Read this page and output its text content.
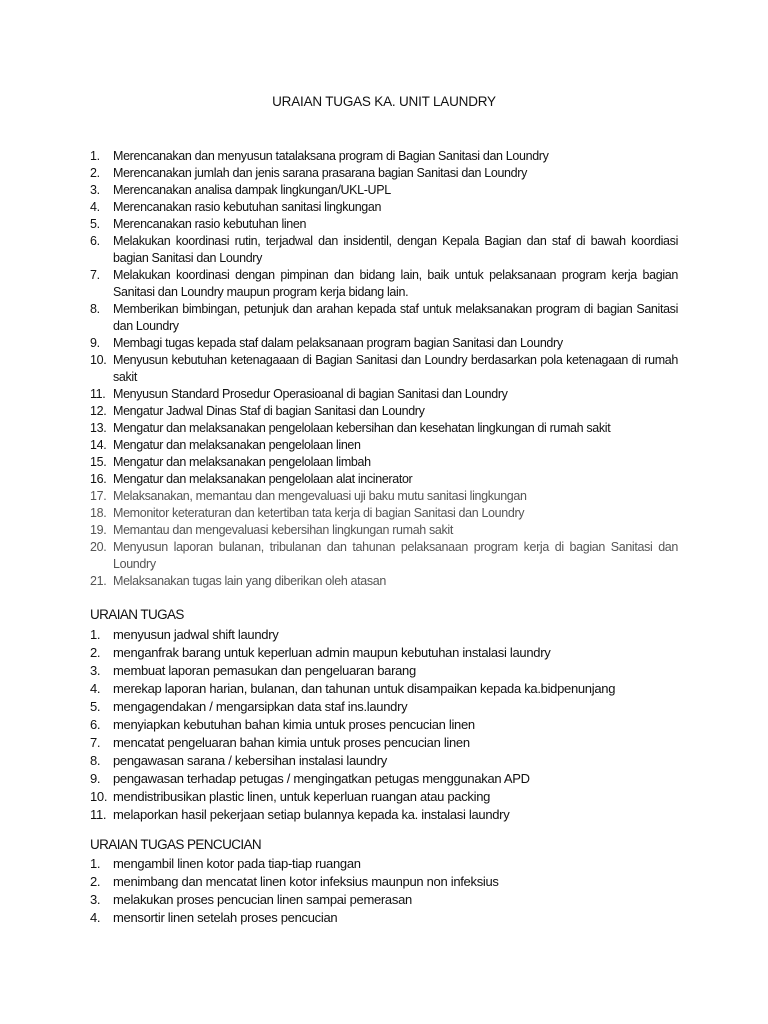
URAIAN TUGAS KA. UNIT LAUNDRY
1.	Merencanakan dan menyusun tatalaksana program di Bagian Sanitasi dan Loundry
2.	Merencanakan jumlah dan jenis sarana prasarana bagian Sanitasi dan Loundry
3.	Merencanakan analisa dampak lingkungan/UKL-UPL
4.	Merencanakan rasio kebutuhan sanitasi lingkungan
5.	Merencanakan rasio kebutuhan linen
6.	Melakukan koordinasi rutin, terjadwal dan insidentil, dengan Kepala Bagian dan staf di bawah koordiasi
bagian Sanitasi dan Loundry
7.	Melakukan koordinasi dengan pimpinan dan bidang lain, baik untuk pelaksanaan program kerja bagian
Sanitasi dan Loundry maupun program kerja bidang lain.
8.	Memberikan bimbingan, petunjuk dan arahan kepada staf untuk melaksanakan program di bagian Sanitasi
dan Loundry
9.	Membagi tugas kepada staf dalam pelaksanaan program bagian Sanitasi dan Loundry
10. Menyusun kebutuhan ketenagaaan di Bagian Sanitasi dan Loundry berdasarkan pola ketenagaan di rumah
sakit
11. Menyusun Standard Prosedur Operasioanal di bagian Sanitasi dan Loundry
12. Mengatur Jadwal Dinas Staf di bagian Sanitasi dan Loundry
13. Mengatur dan melaksanakan pengelolaan kebersihan dan kesehatan lingkungan di rumah sakit
14. Mengatur dan melaksanakan pengelolaan linen
15. Mengatur dan melaksanakan pengelolaan limbah
16. Mengatur dan melaksanakan pengelolaan alat incinerator
17. Melaksanakan, memantau dan mengevaluasi uji baku mutu sanitasi lingkungan
18. Memonitor keteraturan dan ketertiban tata kerja di bagian Sanitasi dan Loundry
19. Memantau dan mengevaluasi kebersihan lingkungan rumah sakit
20. Menyusun laporan bulanan, tribulanan dan tahunan pelaksanaan program kerja di bagian Sanitasi dan
Loundry
21. Melaksanakan tugas lain yang diberikan oleh atasan
URAIAN TUGAS
1. menyusun jadwal shift laundry
2. menganfrak barang untuk keperluan admin maupun kebutuhan instalasi laundry
3. membuat laporan pemasukan dan pengeluaran barang
4. merekap laporan harian, bulanan, dan tahunan untuk disampaikan kepada ka.bidpenunjang
5. mengagendakan / mengarsipkan data staf ins.laundry
6. menyiapkan kebutuhan bahan kimia untuk proses pencucian linen
7. mencatat pengeluaran bahan kimia untuk proses pencucian linen
8. pengawasan sarana / kebersihan instalasi laundry
9. pengawasan terhadap petugas / mengingatkan petugas menggunakan APD
10. mendistribusikan plastic linen, untuk keperluan ruangan atau packing
11. melaporkan hasil pekerjaan setiap bulannya kepada ka. instalasi laundry
URAIAN TUGAS PENCUCIAN
1. mengambil linen kotor pada tiap-tiap ruangan
2. menimbang dan mencatat linen kotor infeksius maunpun non infeksius
3. melakukan proses pencucian linen sampai pemerasan
4. mensortir linen setelah proses pencucian
